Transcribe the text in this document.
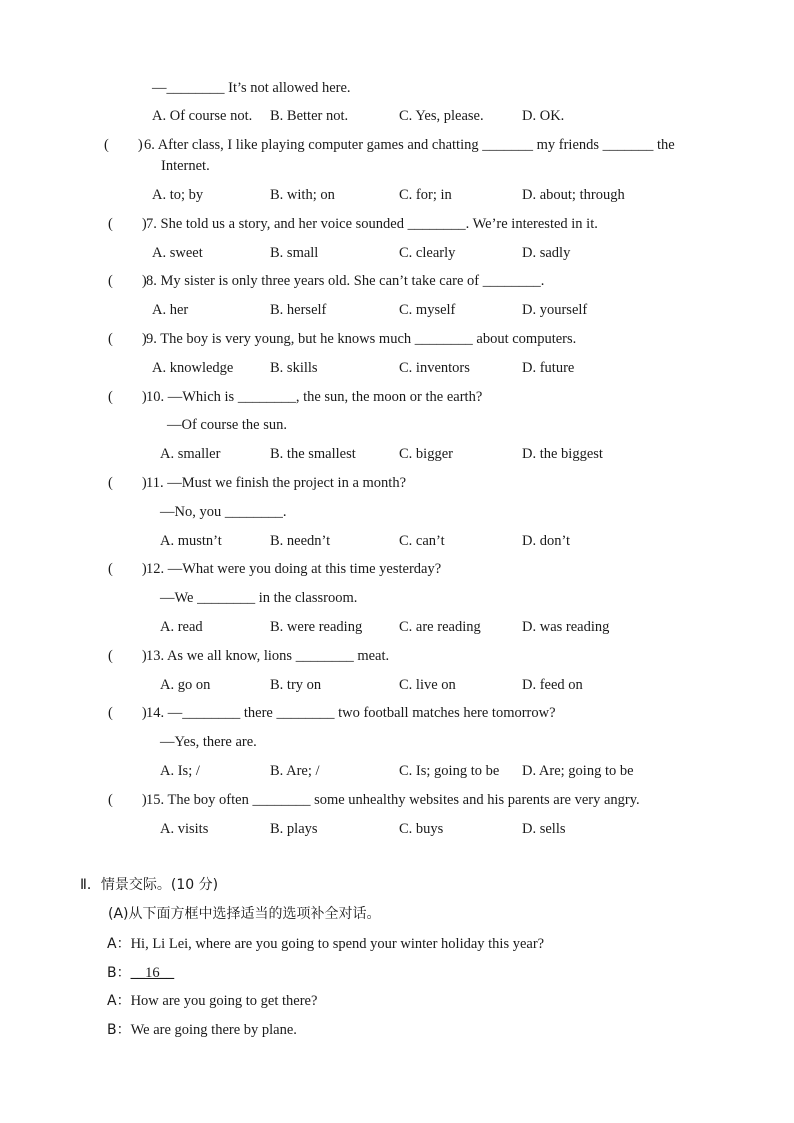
—________ It’s not allowed here.
A. Of course not. B. Better not.	C. Yes, please.	D. OK.
(        ) 6. After class, I like playing computer games and chatting _______ my friends _______ the
Internet.
A. to; by	B. with; on	C. for; in	D. about; through
(        ) 7. She told us a story, and her voice sounded ________. We’re interested in it.
A. sweet	B. small	C. clearly	D. sadly
(        ) 8. My sister is only three years old. She can’t take care of ________.
A. her	B. herself	C. myself	D. yourself
(        ) 9. The boy is very young, but he knows much ________ about computers.
A. knowledge	B. skills	C. inventors	D. future
(        ) 10. —Which is ________, the sun, the moon or the earth?
—Of course the sun.
A. smaller	B. the smallest	C. bigger	D. the biggest
(        ) 11. —Must we finish the project in a month?
—No, you ________.
A. mustn’t	B. needn’t	C. can’t	D. don’t
(        ) 12. —What were you doing at this time yesterday?
—We ________ in the classroom.
A. read	B. were reading	C. are reading	D. was reading
(        ) 13. As we all know, lions ________ meat.
A. go on	B. try on	C. live on	D. feed on
(        ) 14. —________ there ________ two football matches here tomorrow?
—Yes, there are.
A. Is; /	B. Are; /	C. Is; going to be D. Are; going to be
(        ) 15. The boy often ________ some unhealthy websites and his parents are very angry.
A. visits	B. plays	C. buys	D. sells
Ⅱ．情景交际。(10 分)
(A)从下面方框中选择适当的选项补全对话。
A：Hi, Li Lei, where are you going to spend your winter holiday this year?
B：__16__
A：How are you going to get there?
B：We are going there by plane.
